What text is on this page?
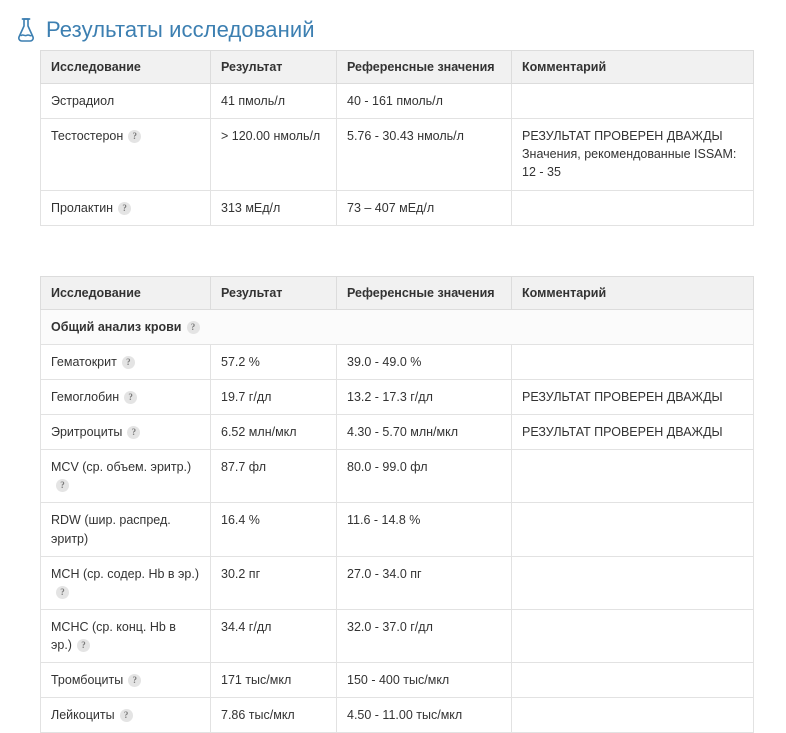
Результаты исследований
Исследование	Результат	Референсные значения	Комментарий
Эстрадиол	41 пмоль/л	40 - 161 пмоль/л	
Тестостерон ?	> 120.00 нмоль/л	5.76 - 30.43 нмоль/л	РЕЗУЛЬТАТ ПРОВЕРЕН ДВАЖДЫ
Значения, рекомендованные ISSAM:
12 - 35

Пролактин ?	313 мЕд/л	73 – 407 мЕд/л	
Исследование	Результат	Референсные значения	Комментарий
Общий анализ крови ?			
Гематокрит ?	57.2 %	39.0 - 49.0 %	
Гемоглобин ?	19.7 г/дл	13.2 - 17.3 г/дл	РЕЗУЛЬТАТ ПРОВЕРЕН ДВАЖДЫ

Эритроциты ?	6.52 млн/мкл	4.30 - 5.70 млн/мкл	РЕЗУЛЬТАТ ПРОВЕРЕН ДВАЖДЫ

MCV (ср. объем. эритр.)?	87.7 фл	80.0 - 99.0 фл	
RDW (шир. распред. эритр)	16.4 %	11.6 - 14.8 %	
MCH (ср. содер. Hb в эр.)?	30.2 пг	27.0 - 34.0 пг	
MCHC (ср. конц. Hb в эр.) ?	34.4 г/дл	32.0 - 37.0 г/дл	
Тромбоциты ?	171 тыс/мкл	150 - 400 тыс/мкл	
Лейкоциты ?	7.86 тыс/мкл	4.50 - 11.00 тыс/мкл	
